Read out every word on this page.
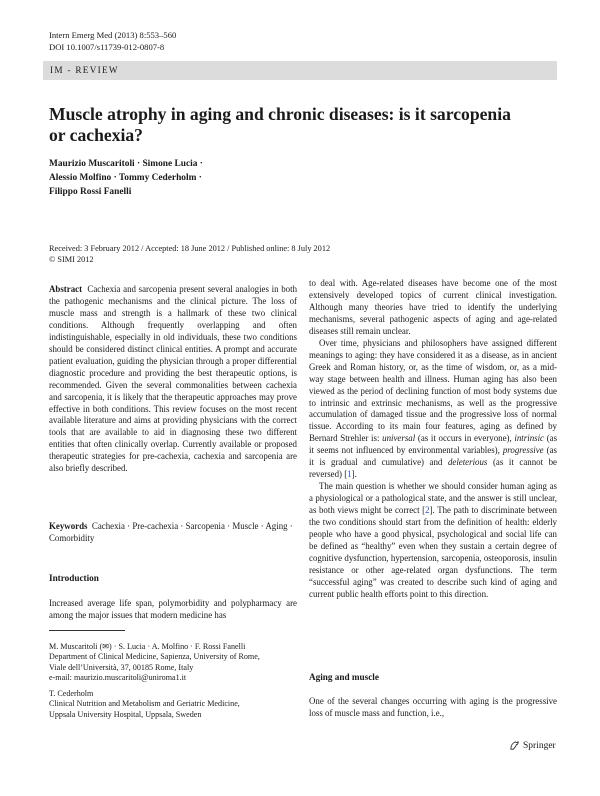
Intern Emerg Med (2013) 8:553–560
DOI 10.1007/s11739-012-0807-8
IM - REVIEW
Muscle atrophy in aging and chronic diseases: is it sarcopenia
or cachexia?
Maurizio Muscaritoli · Simone Lucia ·
Alessio Molfino · Tommy Cederholm ·
Filippo Rossi Fanelli
Received: 3 February 2012 / Accepted: 18 June 2012 / Published online: 8 July 2012
© SIMI 2012

Abstract Cachexia and sarcopenia present several analogies in both the pathogenic mechanisms and the clinical picture. The loss of muscle mass and strength is a hallmark of these two clinical conditions. Although frequently overlapping and often indistinguishable, especially in old individuals, these two conditions should be considered distinct clinical entities. A prompt and accurate patient evaluation, guiding the physician through a proper differential diagnostic procedure and providing the best therapeutic options, is recommended. Given the several commonalities between cachexia and sarcopenia, it is likely that the therapeutic approaches may prove effective in both conditions. This review focuses on the most recent available literature and aims at providing physicians with the correct tools that are available to aid in diagnosing these two different entities that often clinically overlap. Currently available or proposed therapeutic strategies for pre-cachexia, cachexia and sarcopenia are also briefly described.

Keywords Cachexia · Pre-cachexia · Sarcopenia · Muscle · Aging · Comorbidity
Introduction
Increased average life span, polymorbidity and polypharmacy are among the major issues that modern medicine has
M. Muscaritoli (✉) · S. Lucia · A. Molfino · F. Rossi Fanelli
Department of Clinical Medicine, Sapienza, University of Rome,
Viale dell’Università, 37, 00185 Rome, Italy
e-mail: maurizio.muscaritoli@uniroma1.it
T. Cederholm
Clinical Nutrition and Metabolism and Geriatric Medicine,
Uppsala University Hospital, Uppsala, Sweden

to deal with. Age-related diseases have become one of the most extensively developed topics of current clinical investigation. Although many theories have tried to identify the underlying mechanisms, several pathogenic aspects of aging and age-related diseases still remain unclear.

Over time, physicians and philosophers have assigned different meanings to aging: they have considered it as a disease, as in ancient Greek and Roman history, or, as the time of wisdom, or, as a mid-way stage between health and illness. Human aging has also been viewed as the period of declining function of most body systems due to intrinsic and extrinsic mechanisms, as well as the progressive accumulation of damaged tissue and the progressive loss of normal tissue. According to its main four features, aging as defined by Bernard Strehler is: universal (as it occurs in everyone), intrinsic (as it seems not influenced by environmental variables), progressive (as it is gradual and cumulative) and deleterious (as it cannot be reversed) [1].

The main question is whether we should consider human aging as a physiological or a pathological state, and the answer is still unclear, as both views might be correct [2]. The path to discriminate between the two conditions should start from the definition of health: elderly people who have a good physical, psychological and social life can be defined as “healthy” even when they sustain a certain degree of cognitive dysfunction, hypertension, sarcopenia, osteoporosis, insulin resistance or other age-related organ dysfunctions. The term “successful aging” was created to describe such kind of aging and current public health efforts point to this direction.

Aging and muscle
One of the several changes occurring with aging is the progressive loss of muscle mass and function, i.e.,
Springer
